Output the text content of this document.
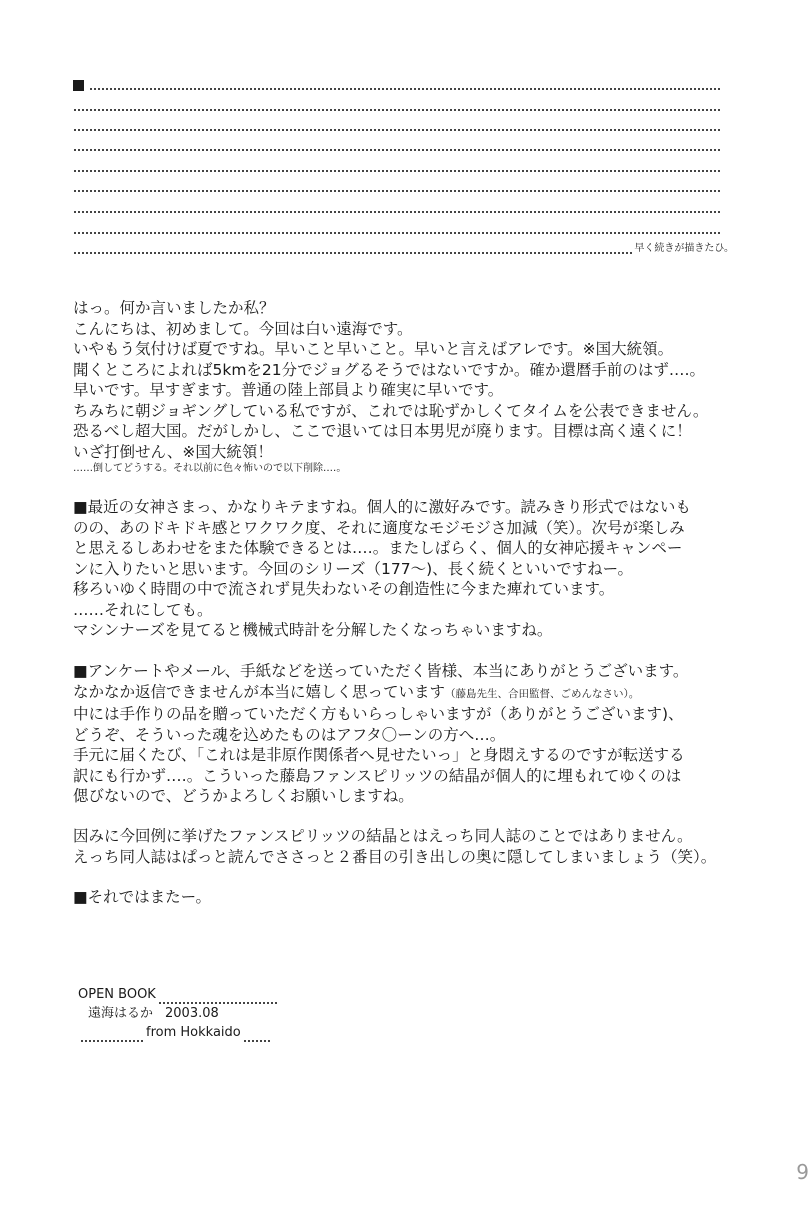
早く続きが描きたひ。
はっ。何か言いましたか私？
こんにちは、初めまして。今回は白い遠海です。
いやもう気付けば夏ですね。早いこと早いこと。早いと言えばアレです。※国大統領。
聞くところによれば5kmを21分でジョグるそうではないですか。確か還暦手前のはず‥‥。
早いです。早すぎます。普通の陸上部員より確実に早いです。
ちみちに朝ジョギングしている私ですが、これでは恥ずかしくてタイムを公表できません。
恐るべし超大国。だがしかし、ここで退いては日本男児が廃ります。目標は高く遠くに！
いざ打倒せん、※国大統領！
……倒してどうする。それ以前に色々怖いので以下削除‥‥。
■最近の女神さまっ、かなりキテますね。個人的に激好みです。読みきり形式ではないも
のの、あのドキドキ感とワクワク度、それに適度なモジモジさ加減（笑）。次号が楽しみ
と思えるしあわせをまた体験できるとは‥‥。またしばらく、個人的女神応援キャンペー
ンに入りたいと思います。今回のシリーズ（177～)、長く続くといいですねー。
移ろいゆく時間の中で流されず見失わないその創造性に今また痺れています。
……それにしても。
マシンナーズを見てると機械式時計を分解したくなっちゃいますね。
■アンケートやメール、手紙などを送っていただく皆様、本当にありがとうございます。
なかなか返信できませんが本当に嬉しく思っています（藤島先生、合田監督、ごめんなさい）。
中には手作りの品を贈っていただく方もいらっしゃいますが（ありがとうございます)、
どうぞ、そういった魂を込めたものはアフタ〇ーンの方へ…。
手元に届くたび、「これは是非原作関係者へ見せたいっ」と身悶えするのですが転送する
訳にも行かず‥‥。こういった藤島ファンスピリッツの結晶が個人的に埋もれてゆくのは
偲びないので、どうかよろしくお願いしますね。
因みに今回例に挙げたファンスピリッツの結晶とはえっち同人誌のことではありません。
えっち同人誌はぱっと読んでささっと２番目の引き出しの奥に隠してしまいましょう（笑）。
■それではまたー。
OPEN BOOK
遠海はるか 2003.08
from Hokkaido
9
